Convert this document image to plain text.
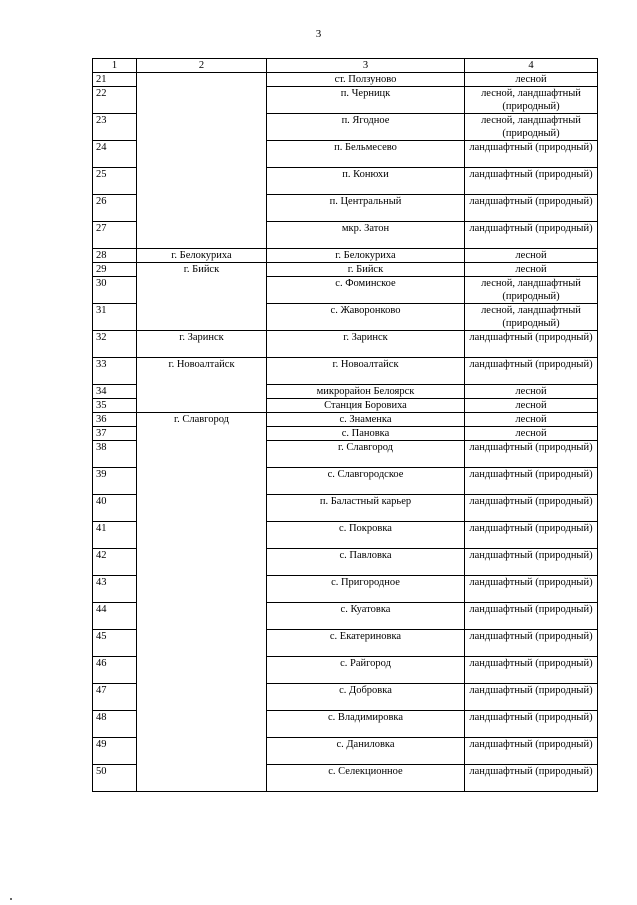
3
1	2	3	4
21		ст. Ползуново	лесной
22		п. Черницк	лесной, ландшафтный (природный)
23		п. Ягодное	лесной, ландшафтный (природный)
24		п. Бельмесево	ландшафтный (природный)
25		п. Конюхи	ландшафтный (природный)
26		п. Центральный	ландшафтный (природный)
27		мкр. Затон	ландшафтный (природный)
28	г. Белокуриха	г. Белокуриха	лесной
29	г. Бийск	г. Бийск	лесной
30		с. Фоминское	лесной, ландшафтный (природный)
31		с. Жаворонково	лесной, ландшафтный (природный)
32	г. Заринск	г. Заринск	ландшафтный (природный)
33	г. Новоалтайск	г. Новоалтайск	ландшафтный (природный)
34		микрорайон Белоярск	лесной
35		Станция Боровиха	лесной
36	г. Славгород	с. Знаменка	лесной
37		с. Пановка	лесной
38		г. Славгород	ландшафтный (природный)
39		с. Славгородское	ландшафтный (природный)
40		п. Баластный карьер	ландшафтный (природный)
41		с. Покровка	ландшафтный (природный)
42		с. Павловка	ландшафтный (природный)
43		с. Пригородное	ландшафтный (природный)
44		с. Куатовка	ландшафтный (природный)
45		с. Екатериновка	ландшафтный (природный)
46		с. Райгород	ландшафтный (природный)
47		с. Добровка	ландшафтный (природный)
48		с. Владимировка	ландшафтный (природный)
49		с. Даниловка	ландшафтный (природный)
50		с. Селекционное	ландшафтный (природный)
